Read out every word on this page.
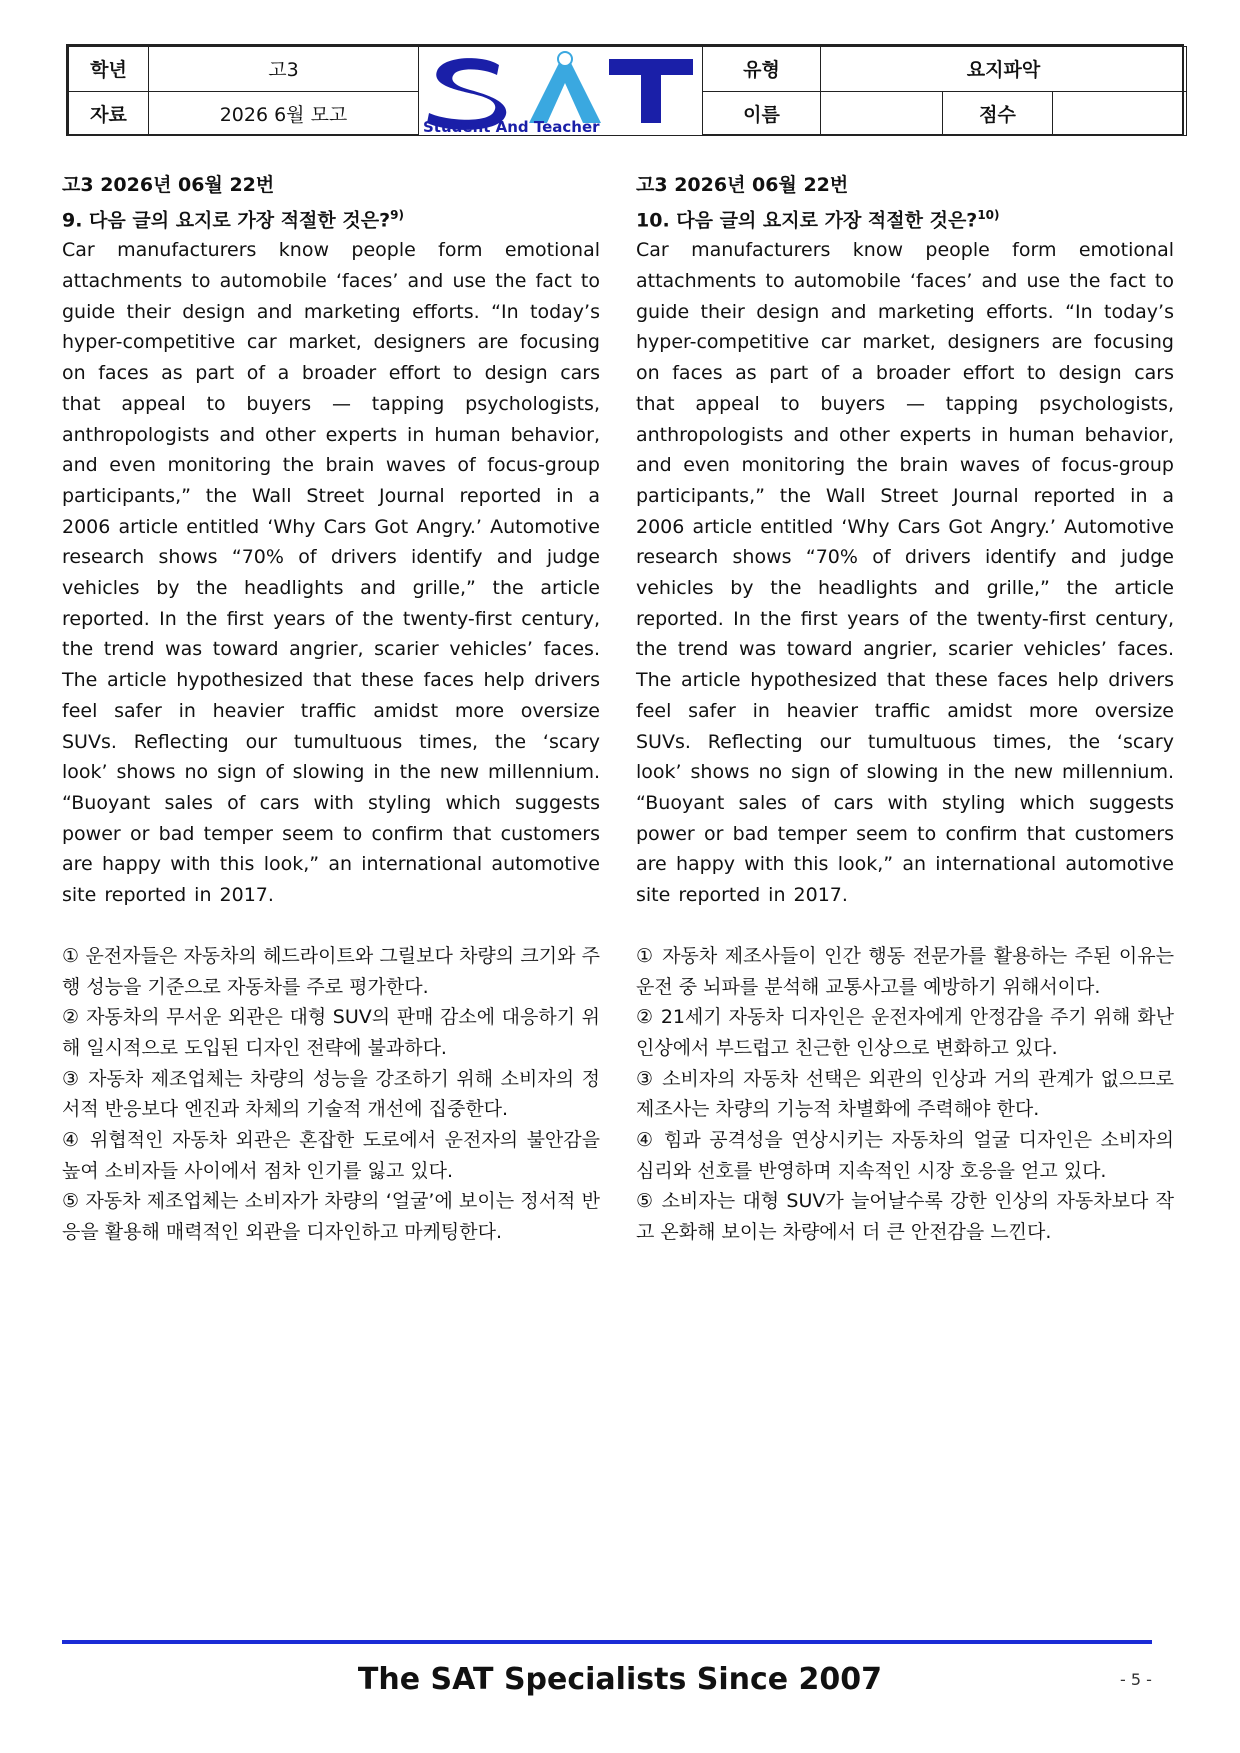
학년	고3	Student And Teacher	유형	요지파악		
자료	2026 6월 모고		이름		점수	

고3 2026년 06월 22번

9. 다음 글의 요지로 가장 적절한 것은?$^{9)}$

Car manufacturers know people form emotional attachments to automobile ‘faces’ and use the fact to guide their design and marketing efforts. “In today’s hyper-competitive car market, designers are focusing on faces as part of a broader effort to design cars that appeal to buyers — tapping psychologists, anthropologists and other experts in human behavior, and even monitoring the brain waves of focus-group participants,” the Wall Street Journal reported in a 2006 article entitled ‘Why Cars Got Angry.’ Automotive research shows “70% of drivers identify and judge vehicles by the headlights and grille,” the article reported. In the first years of the twenty-first century, the trend was toward angrier, scarier vehicles’ faces. The article hypothesized that these faces help drivers feel safer in heavier traffic amidst more oversize SUVs. Reflecting our tumultuous times, the ‘scary look’ shows no sign of slowing in the new millennium. “Buoyant sales of cars with styling which suggests power or bad temper seem to confirm that customers are happy with this look,” an international automotive site reported in 2017.

① 운전자들은 자동차의 헤드라이트와 그릴보다 차량의 크기와 주행 성능을 기준으로 자동차를 주로 평가한다.

② 자동차의 무서운 외관은 대형 SUV의 판매 감소에 대응하기 위해 일시적으로 도입된 디자인 전략에 불과하다.

③ 자동차 제조업체는 차량의 성능을 강조하기 위해 소비자의 정서적 반응보다 엔진과 차체의 기술적 개선에 집중한다.

④ 위협적인 자동차 외관은 혼잡한 도로에서 운전자의 불안감을 높여 소비자들 사이에서 점차 인기를 잃고 있다.

⑤ 자동차 제조업체는 소비자가 차량의 ‘얼굴’에 보이는 정서적 반응을 활용해 매력적인 외관을 디자인하고 마케팅한다.

고3 2026년 06월 22번

10. 다음 글의 요지로 가장 적절한 것은?$^{10)}$

Car manufacturers know people form emotional attachments to automobile ‘faces’ and use the fact to guide their design and marketing efforts. “In today’s hyper-competitive car market, designers are focusing on faces as part of a broader effort to design cars that appeal to buyers — tapping psychologists, anthropologists and other experts in human behavior, and even monitoring the brain waves of focus-group participants,” the Wall Street Journal reported in a 2006 article entitled ‘Why Cars Got Angry.’ Automotive research shows “70% of drivers identify and judge vehicles by the headlights and grille,” the article reported. In the first years of the twenty-first century, the trend was toward angrier, scarier vehicles’ faces. The article hypothesized that these faces help drivers feel safer in heavier traffic amidst more oversize SUVs. Reflecting our tumultuous times, the ‘scary look’ shows no sign of slowing in the new millennium. “Buoyant sales of cars with styling which suggests power or bad temper seem to confirm that customers are happy with this look,” an international automotive site reported in 2017.

① 자동차 제조사들이 인간 행동 전문가를 활용하는 주된 이유는 운전 중 뇌파를 분석해 교통사고를 예방하기 위해서이다.

② 21세기 자동차 디자인은 운전자에게 안정감을 주기 위해 화난 인상에서 부드럽고 친근한 인상으로 변화하고 있다.

③ 소비자의 자동차 선택은 외관의 인상과 거의 관계가 없으므로 제조사는 차량의 기능적 차별화에 주력해야 한다.

④ 힘과 공격성을 연상시키는 자동차의 얼굴 디자인은 소비자의 심리와 선호를 반영하며 지속적인 시장 호응을 얻고 있다.

⑤ 소비자는 대형 SUV가 늘어날수록 강한 인상의 자동차보다 작고 온화해 보이는 차량에서 더 큰 안전감을 느낀다.

The SAT Specialists Since 2007	- 5 -
